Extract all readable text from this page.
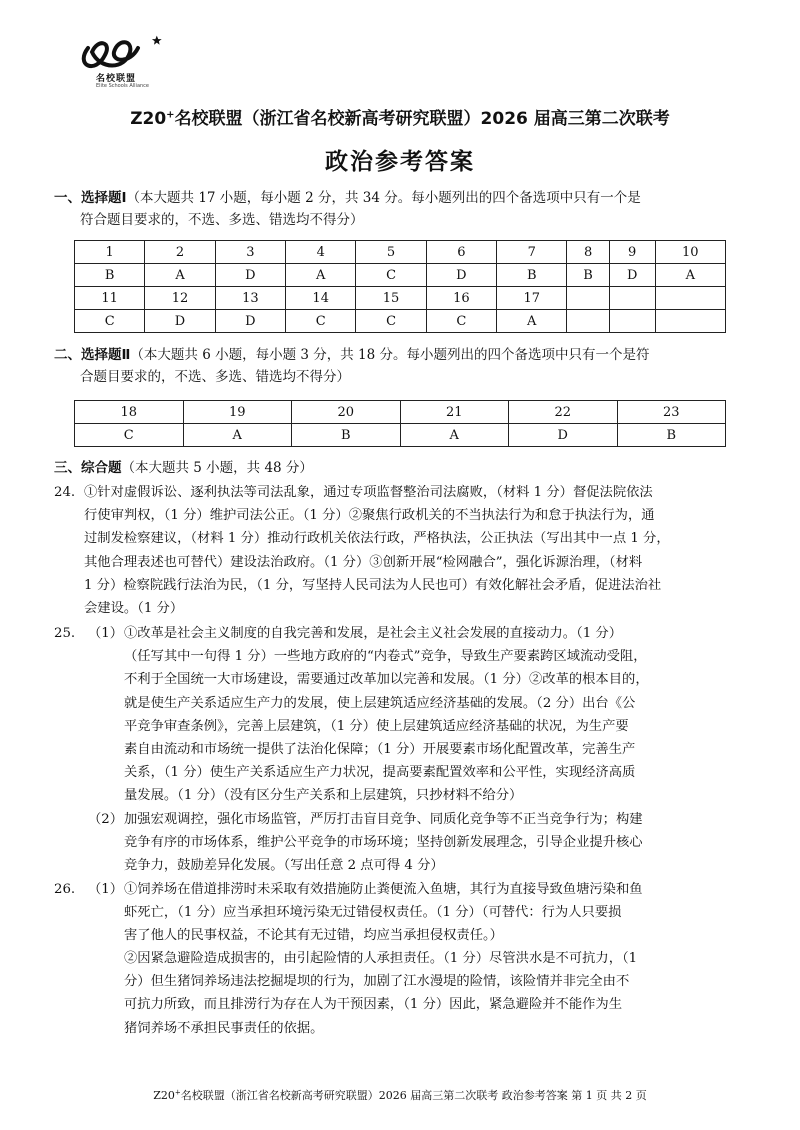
名校联盟
Elite Schools Alliance
Z20+名校联盟（浙江省名校新高考研究联盟）2026 届高三第二次联考
政治参考答案
一、选择题Ⅰ（本大题共 17 小题，每小题 2 分，共 34 分。每小题列出的四个备选项中只有一个是
符合题目要求的，不选、多选、错选均不得分）
1	2	3	4	5	6	7	8	9	10
B	A	D	A	C	D	B	B	D	A
11	12	13	14	15	16	17			
C	D	D	C	C	C	A			
二、选择题Ⅱ（本大题共 6 小题，每小题 3 分，共 18 分。每小题列出的四个备选项中只有一个是符
合题目要求的，不选、多选、错选均不得分）
18	19	20	21	22	23
C	A	B	A	D	B
三、综合题（本大题共 5 小题，共 48 分）
24. ①针对虚假诉讼、逐利执法等司法乱象，通过专项监督整治司法腐败，（材料 1 分）督促法院依法
行使审判权，（1 分）维护司法公正。（1 分）②聚焦行政机关的不当执法行为和怠于执法行为，通
过制发检察建议，（材料 1 分）推动行政机关依法行政，严格执法，公正执法（写出其中一点 1 分，
其他合理表述也可替代）建设法治政府。（1 分）③创新开展“检网融合”，强化诉源治理，（材料
1 分）检察院践行法治为民，（1 分，写坚持人民司法为人民也可）有效化解社会矛盾，促进法治社
会建设。（1 分）
25. （1） ①改革是社会主义制度的自我完善和发展，是社会主义社会发展的直接动力。（1 分）
（任写其中一句得 1 分）一些地方政府的“内卷式”竞争，导致生产要素跨区域流动受阻，
不利于全国统一大市场建设，需要通过改革加以完善和发展。（1 分）②改革的根本目的，
就是使生产关系适应生产力的发展，使上层建筑适应经济基础的发展。（2 分）出台《公
平竞争审查条例》，完善上层建筑，（1 分）使上层建筑适应经济基础的状况，为生产要
素自由流动和市场统一提供了法治化保障；（1 分）开展要素市场化配置改革，完善生产
关系，（1 分）使生产关系适应生产力状况，提高要素配置效率和公平性，实现经济高质
量发展。（1 分）（没有区分生产关系和上层建筑，只抄材料不给分）
（2） 加强宏观调控，强化市场监管，严厉打击盲目竞争、同质化竞争等不正当竞争行为；构建
竞争有序的市场体系，维护公平竞争的市场环境；坚持创新发展理念，引导企业提升核心
竞争力，鼓励差异化发展。（写出任意 2 点可得 4 分）
26. （1） ①饲养场在借道排涝时未采取有效措施防止粪便流入鱼塘，其行为直接导致鱼塘污染和鱼
虾死亡，（1 分）应当承担环境污染无过错侵权责任。（1 分）（可替代：行为人只要损
害了他人的民事权益，不论其有无过错，均应当承担侵权责任。）
②因紧急避险造成损害的，由引起险情的人承担责任。（1 分）尽管洪水是不可抗力，（1
分）但生猪饲养场违法挖掘堤坝的行为，加剧了江水漫堤的险情，该险情并非完全由不
可抗力所致，而且排涝行为存在人为干预因素，（1 分）因此，紧急避险并不能作为生
猪饲养场不承担民事责任的依据。
Z20+名校联盟（浙江省名校新高考研究联盟）2026 届高三第二次联考 政治参考答案 第 1 页 共 2 页
